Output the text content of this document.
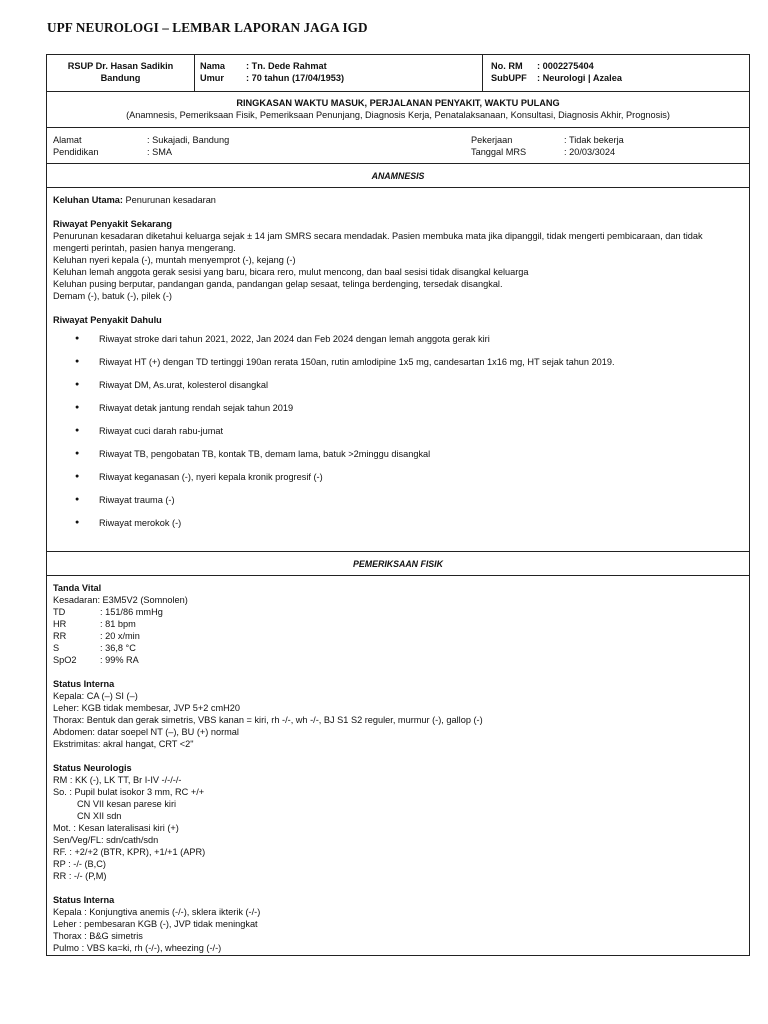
UPF NEUROLOGI – LEMBAR LAPORAN JAGA IGD
RSUP Dr. Hasan Sadikin
Bandung
Nama	: Tn. Dede Rahmat
Umur	: 70 tahun (17/04/1953)
No. RM	: 0002275404
SubUPF	: Neurologi | Azalea
RINGKASAN WAKTU MASUK, PERJALANAN PENYAKIT, WAKTU PULANG
(Anamnesis, Pemeriksaan Fisik, Pemeriksaan Penunjang, Diagnosis Kerja, Penatalaksanaan, Konsultasi, Diagnosis Akhir, Prognosis)
Alamat	: Sukajadi, Bandung	Pekerjaan	: Tidak bekerja
Pendidikan	: SMA	Tanggal MRS	: 20/03/3024
ANAMNESIS
Keluhan Utama: Penurunan kesadaran
Riwayat Penyakit Sekarang
Penurunan kesadaran diketahui keluarga sejak ± 14 jam SMRS secara mendadak. Pasien membuka mata jika dipanggil, tidak mengerti pembicaraan, dan tidak
mengerti perintah, pasien hanya mengerang.
Keluhan nyeri kepala (-), muntah menyemprot (-), kejang (-)
Keluhan lemah anggota gerak sesisi yang baru, bicara rero, mulut mencong, dan baal sesisi tidak disangkal keluarga
Keluhan pusing berputar, pandangan ganda, pandangan gelap sesaat, telinga berdenging, tersedak disangkal.
Demam (-), batuk (-), pilek (-)
Riwayat Penyakit Dahulu
● Riwayat stroke dari tahun 2021, 2022, Jan 2024 dan Feb 2024 dengan lemah anggota gerak kiri
● Riwayat HT (+) dengan TD tertinggi 190an rerata 150an, rutin amlodipine 1x5 mg, candesartan 1x16 mg, HT sejak tahun 2019.
● Riwayat DM, As.urat, kolesterol disangkal
● Riwayat detak jantung rendah sejak tahun 2019
● Riwayat cuci darah rabu-jumat
● Riwayat TB, pengobatan TB, kontak TB, demam lama, batuk >2minggu disangkal
● Riwayat keganasan (-), nyeri kepala kronik progresif (-)
● Riwayat trauma (-)
● Riwayat merokok (-)
PEMERIKSAAN FISIK
Tanda Vital
Kesadaran: E3M5V2 (Somnolen)
TD	: 151/86 mmHg
HR	: 81 bpm
RR	: 20 x/min
S	: 36,8 °C
SpO2	: 99% RA
Status Interna
Kepala: CA (–) SI (–)
Leher: KGB tidak membesar, JVP 5+2 cmH20
Thorax: Bentuk dan gerak simetris, VBS kanan = kiri, rh -/-, wh -/-, BJ S1 S2 reguler, murmur (-), gallop (-)
Abdomen: datar soepel NT (–), BU (+) normal
Ekstrimitas: akral hangat, CRT <2"
Status Neurologis
RM : KK (-), LK TT, Br I-IV -/-/-/-
So. : Pupil bulat isokor 3 mm, RC +/+
CN VII kesan parese kiri
CN XII sdn
Mot. : Kesan lateralisasi kiri (+)
Sen/Veg/FL: sdn/cath/sdn
RF. : +2/+2 (BTR, KPR), +1/+1 (APR)
RP : -/- (B,C)
RR : -/- (P,M)
Status Interna
Kepala : Konjungtiva anemis (-/-), sklera ikterik (-/-)
Leher : pembesaran KGB (-), JVP tidak meningkat
Thorax : B&G simetris
Pulmo : VBS ka=ki, rh (-/-), wheezing (-/-)
